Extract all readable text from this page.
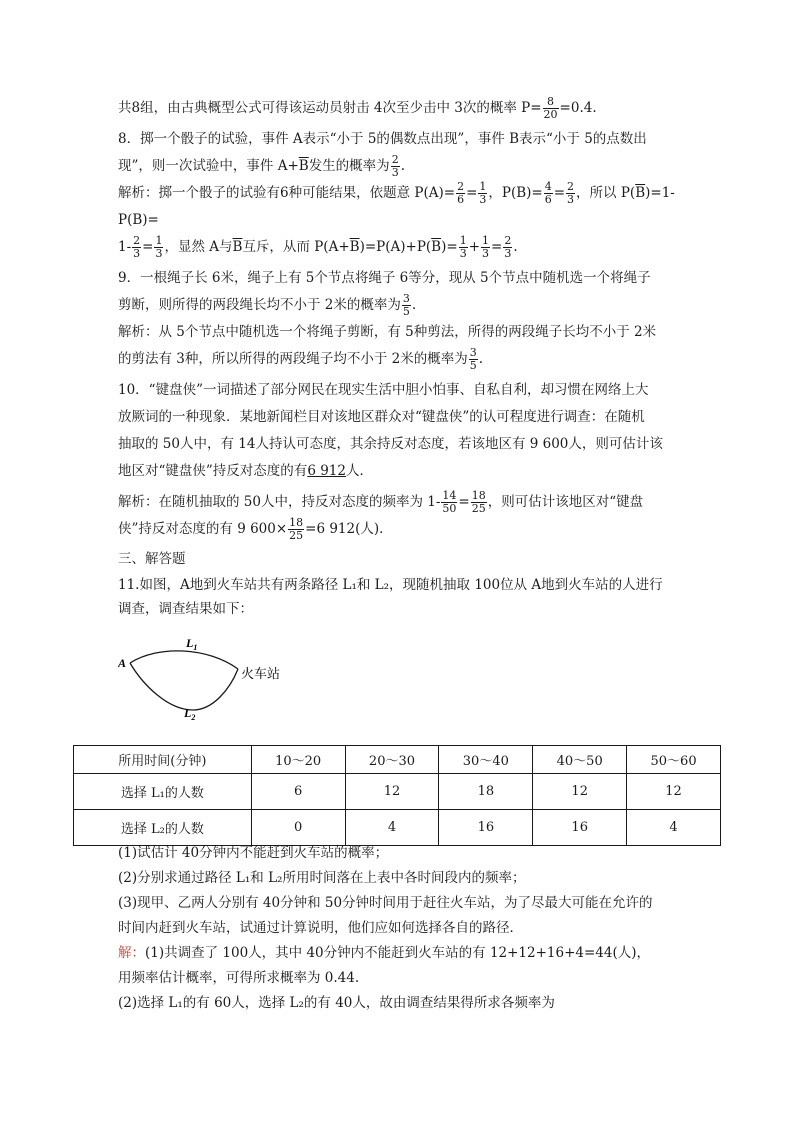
共8组，由古典概型公式可得该运动员射击 4次至少击中 3次的概率 $P= \frac{8}{20} =0.4$.

8．掷一个骰子的试验，事件 A表示“小于 5的偶数点出现”，事件 B表示“小于 5的点数出
现”，则一次试验中，事件 $A+\overline{B}$发生的概率为 $\frac{2}{3}$ .

解析：掷一个骰子的试验有6种可能结果，依题意 $P(A)= \frac{2}{6} = \frac{1}{3}$ ，$P(B)= \frac{4}{6} = \frac{2}{3}$ ，所以 $P(\overline{B})=1-P(B)=$
$1- \frac{2}{3} = \frac{1}{3}$ ，显然 A与$\overline{B}$互斥，从而 $P(A+\overline{B})=P(A)+P(\overline{B})= \frac{1}{3} + \frac{1}{3} = \frac{2}{3}$ .

9．一根绳子长 6米，绳子上有 5个节点将绳子 6等分，现从 5个节点中随机选一个将绳子
剪断，则所得的两段绳长均不小于 2米的概率为 $\frac{3}{5}$ .

解析：从 5个节点中随机选一个将绳子剪断，有 5种剪法，所得的两段绳子长均不小于 2米
的剪法有 3种，所以所得的两段绳子均不小于 2米的概率为 $\frac{3}{5}$ .

10．“键盘侠”一词描述了部分网民在现实生活中胆小怕事、自私自利，却习惯在网络上大
放厥词的一种现象．某地新闻栏目对该地区群众对“键盘侠”的认可程度进行调查：在随机
抽取的 50人中，有 14人持认可态度，其余持反对态度，若该地区有 9 600人，则可估计该
地区对“键盘侠”持反对态度的有6 912人．

解析：在随机抽取的 50人中，持反对态度的频率为 $1- \frac{14}{50} = \frac{18}{25}$ ，则可估计该地区对“键盘
侠”持反对态度的有 9 $600\times \frac{18}{25} =6$ 912(人)．

三、解答题

11.如图，A地到火车站共有两条路径 L₁和 L₂，现随机抽取 100位从 A地到火车站的人进行
调查，调查结果如下：

A
$L_1$
$L_2$
火车站
所用时间(分钟)	10～20	20～30	30～40	40～50	50～60
选择 L₁的人数	6	12	18	12	12
选择 L₂的人数	0	4	16	16	4

(1)试估计 40分钟内不能赶到火车站的概率；

(2)分别求通过路径 L₁和 L₂所用时间落在上表中各时间段内的频率；

(3)现甲、乙两人分别有 40分钟和 50分钟时间用于赶往火车站，为了尽最大可能在允许的
时间内赶到火车站，试通过计算说明，他们应如何选择各自的路径．

解：(1)共调查了 100人，其中 40分钟内不能赶到火车站的有 12+12+16+4=44(人)，
用频率估计概率，可得所求概率为 0.44.

(2)选择 L₁的有 60人，选择 L₂的有 40人，故由调查结果得所求各频率为
